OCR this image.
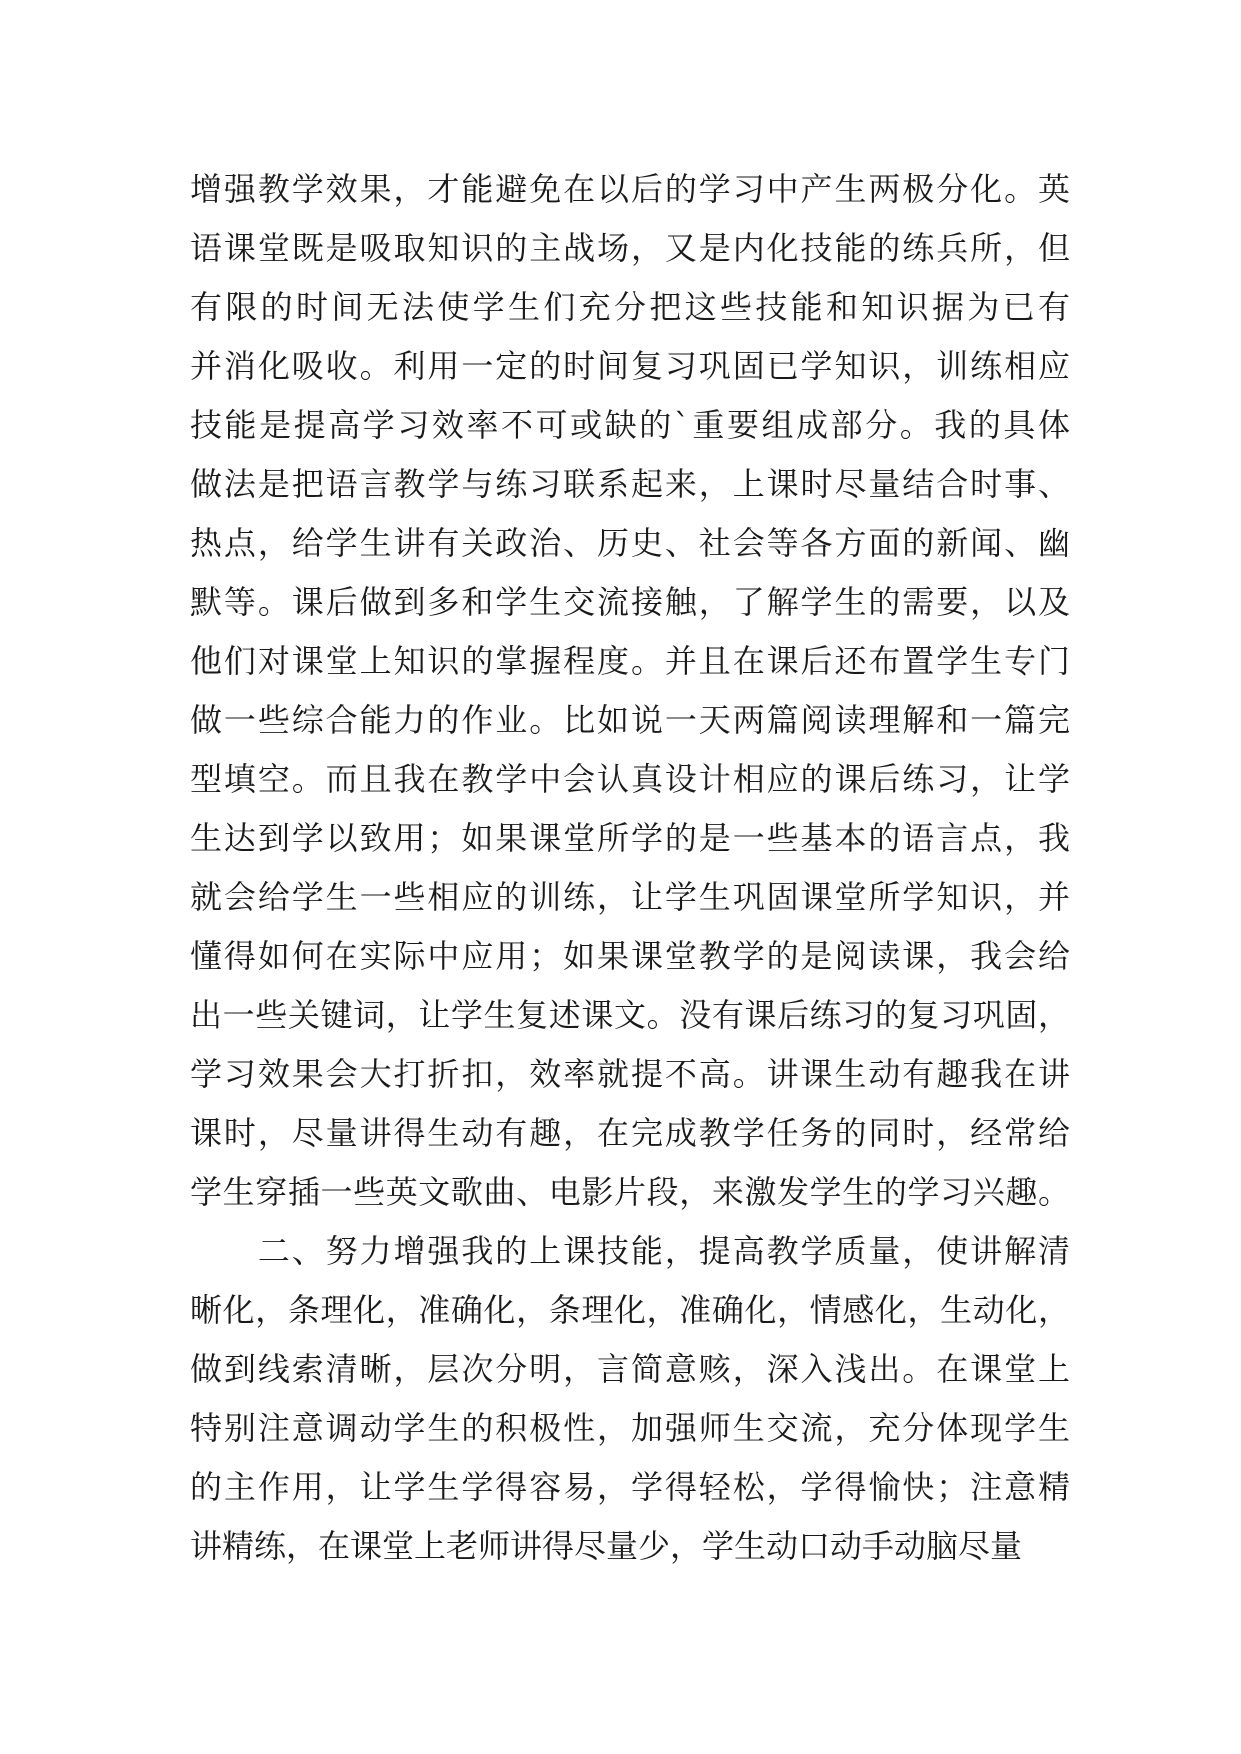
增强教学效果，才能避免在以后的学习中产生两极分化。英
语课堂既是吸取知识的主战场，又是内化技能的练兵所，但
有限的时间无法使学生们充分把这些技能和知识据为已有
并消化吸收。利用一定的时间复习巩固已学知识，训练相应
技能是提高学习效率不可或缺的`重要组成部分。我的具体
做法是把语言教学与练习联系起来，上课时尽量结合时事、
热点，给学生讲有关政治、历史、社会等各方面的新闻、幽
默等。课后做到多和学生交流接触，了解学生的需要，以及
他们对课堂上知识的掌握程度。并且在课后还布置学生专门
做一些综合能力的作业。比如说一天两篇阅读理解和一篇完
型填空。而且我在教学中会认真设计相应的课后练习，让学
生达到学以致用；如果课堂所学的是一些基本的语言点，我
就会给学生一些相应的训练，让学生巩固课堂所学知识，并
懂得如何在实际中应用；如果课堂教学的是阅读课，我会给
出一些关键词，让学生复述课文。没有课后练习的复习巩固，
学习效果会大打折扣，效率就提不高。讲课生动有趣我在讲
课时，尽量讲得生动有趣，在完成教学任务的同时，经常给
学生穿插一些英文歌曲、电影片段，来激发学生的学习兴趣。
　　二、努力增强我的上课技能，提高教学质量，使讲解清
晰化，条理化，准确化，条理化，准确化，情感化，生动化，
做到线索清晰，层次分明，言简意赅，深入浅出。在课堂上
特别注意调动学生的积极性，加强师生交流，充分体现学生
的主作用，让学生学得容易，学得轻松，学得愉快；注意精
讲精练，在课堂上老师讲得尽量少，学生动口动手动脑尽量
